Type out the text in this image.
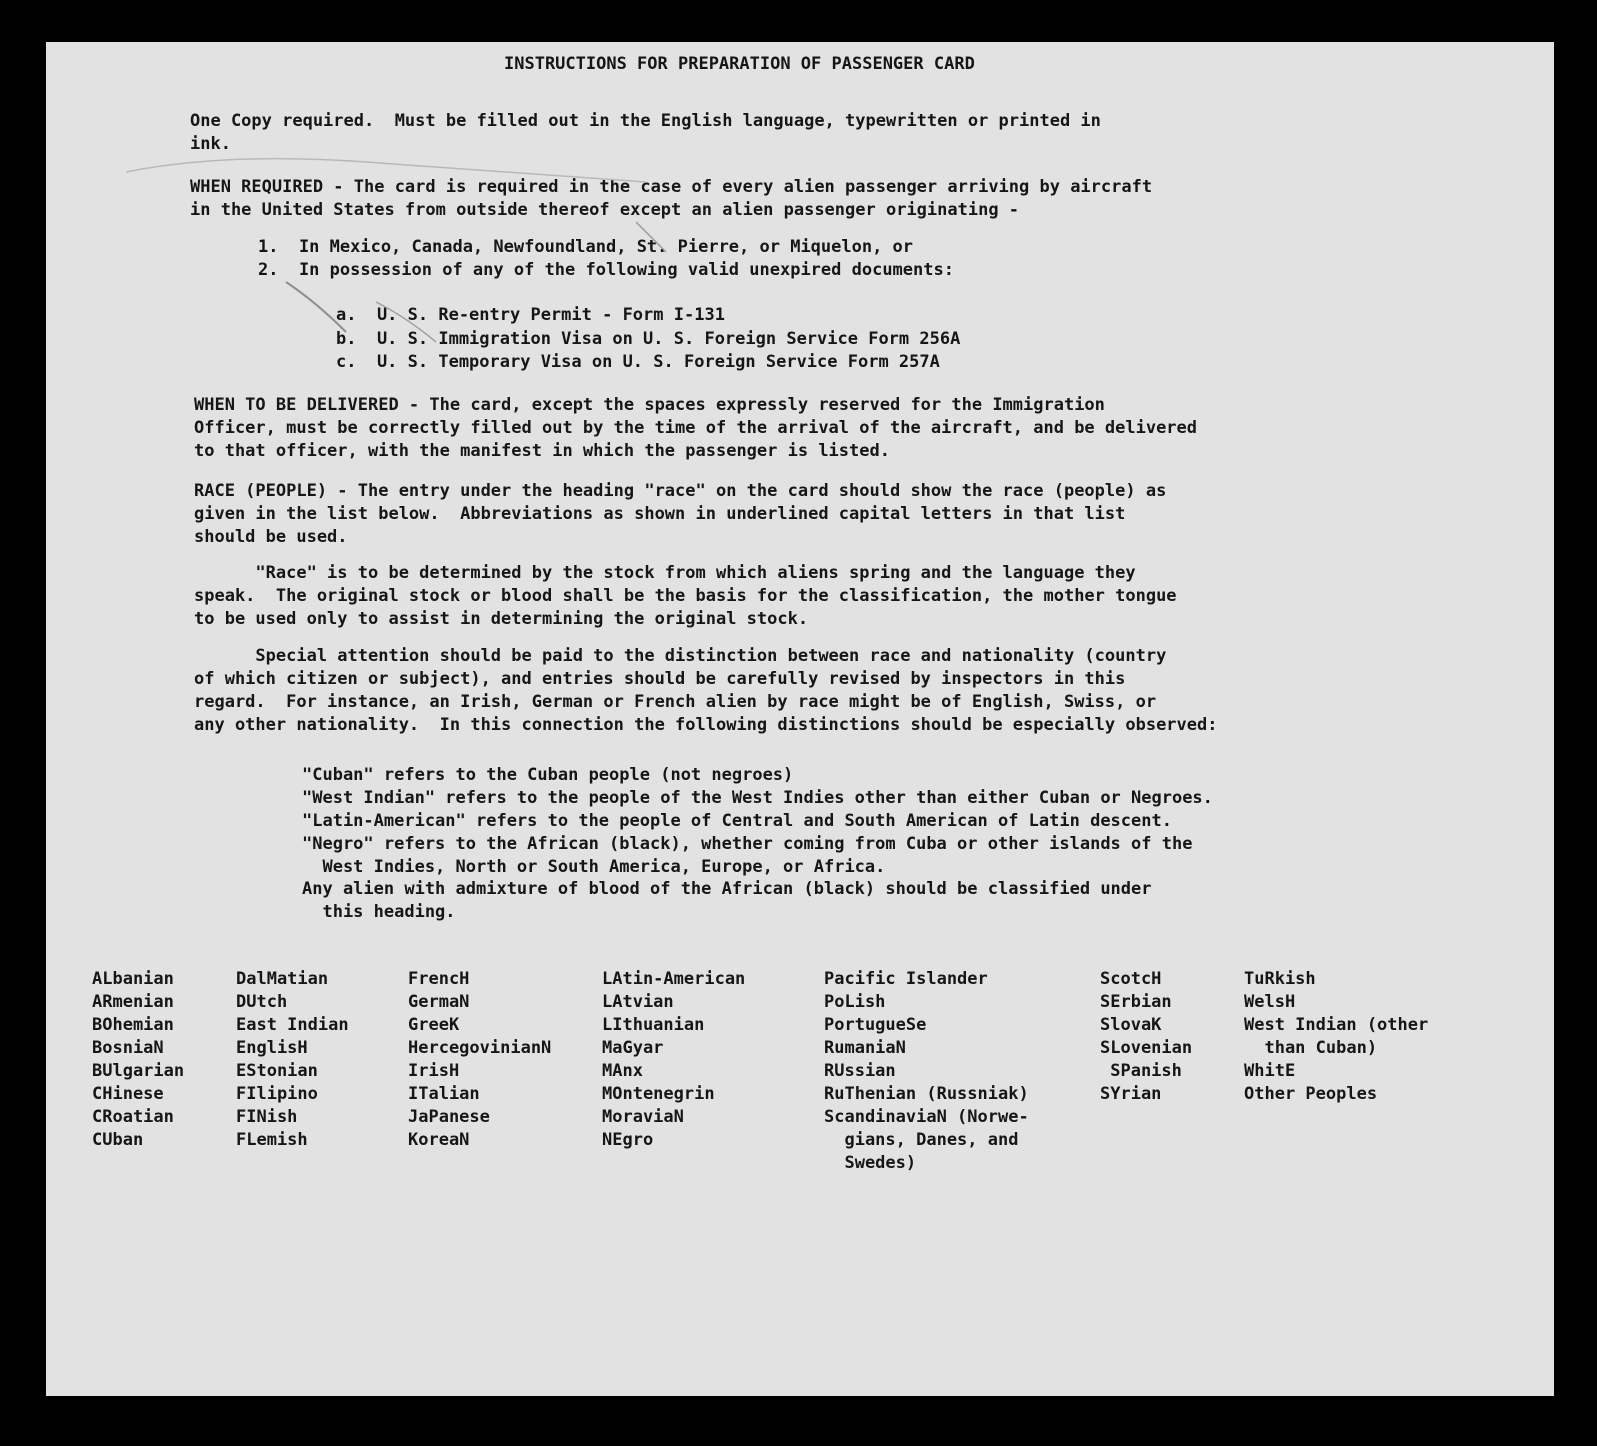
INSTRUCTIONS FOR PREPARATION OF PASSENGER CARD

One Copy required.  Must be filled out in the English language, typewritten or printed in
ink.

WHEN REQUIRED - The card is required in the case of every alien passenger arriving by aircraft
in the United States from outside thereof except an alien passenger originating -

1.  In Mexico, Canada, Newfoundland, St. Pierre, or Miquelon, or

2.  In possession of any of the following valid unexpired documents:

a.  U. S. Re-entry Permit - Form I-131

b.  U. S. Immigration Visa on U. S. Foreign Service Form 256A

c.  U. S. Temporary Visa on U. S. Foreign Service Form 257A

WHEN TO BE DELIVERED - The card, except the spaces expressly reserved for the Immigration
Officer, must be correctly filled out by the time of the arrival of the aircraft, and be delivered
to that officer, with the manifest in which the passenger is listed.

RACE (PEOPLE) - The entry under the heading "race" on the card should show the race (people) as
given in the list below.  Abbreviations as shown in underlined capital letters in that list
should be used.

"Race" is to be determined by the stock from which aliens spring and the language they
speak.  The original stock or blood shall be the basis for the classification, the mother tongue
to be used only to assist in determining the original stock.

Special attention should be paid to the distinction between race and nationality (country
of which citizen or subject), and entries should be carefully revised by inspectors in this
regard.  For instance, an Irish, German or French alien by race might be of English, Swiss, or
any other nationality.  In this connection the following distinctions should be especially observed:

"Cuban" refers to the Cuban people (not negroes)

"West Indian" refers to the people of the West Indies other than either Cuban or Negroes.

"Latin-American" refers to the people of Central and South American of Latin descent.

"Negro" refers to the African (black), whether coming from Cuba or other islands of the
West Indies, North or South America, Europe, or Africa.

Any alien with admixture of blood of the African (black) should be classified under
this heading.

ALbanian
ARmenian
BOhemian
BosniaN
BUlgarian
CHinese
CRoatian
CUban
DalMatian
DUtch
East Indian
EnglisH
EStonian
FIlipino
FINish
FLemish
FrencH
GermaN
GreeK
HercegovinianN
IrisH
ITalian
JaPanese
KoreaN
LAtin-American
LAtvian
LIthuanian
MaGyar
MAnx
MOntenegrin
MoraviaN
NEgro
Pacific Islander
PoLish
PortugueSe
RumaniaN
RUssian
RuThenian (Russniak)
ScandinaviaN (Norwe-
gians, Danes, and
Swedes)
ScotcH
SErbian
SlovaK
SLovenian
SPanish
SYrian
TuRkish
WelsH
West Indian (other
than Cuban)
WhitE
Other Peoples
